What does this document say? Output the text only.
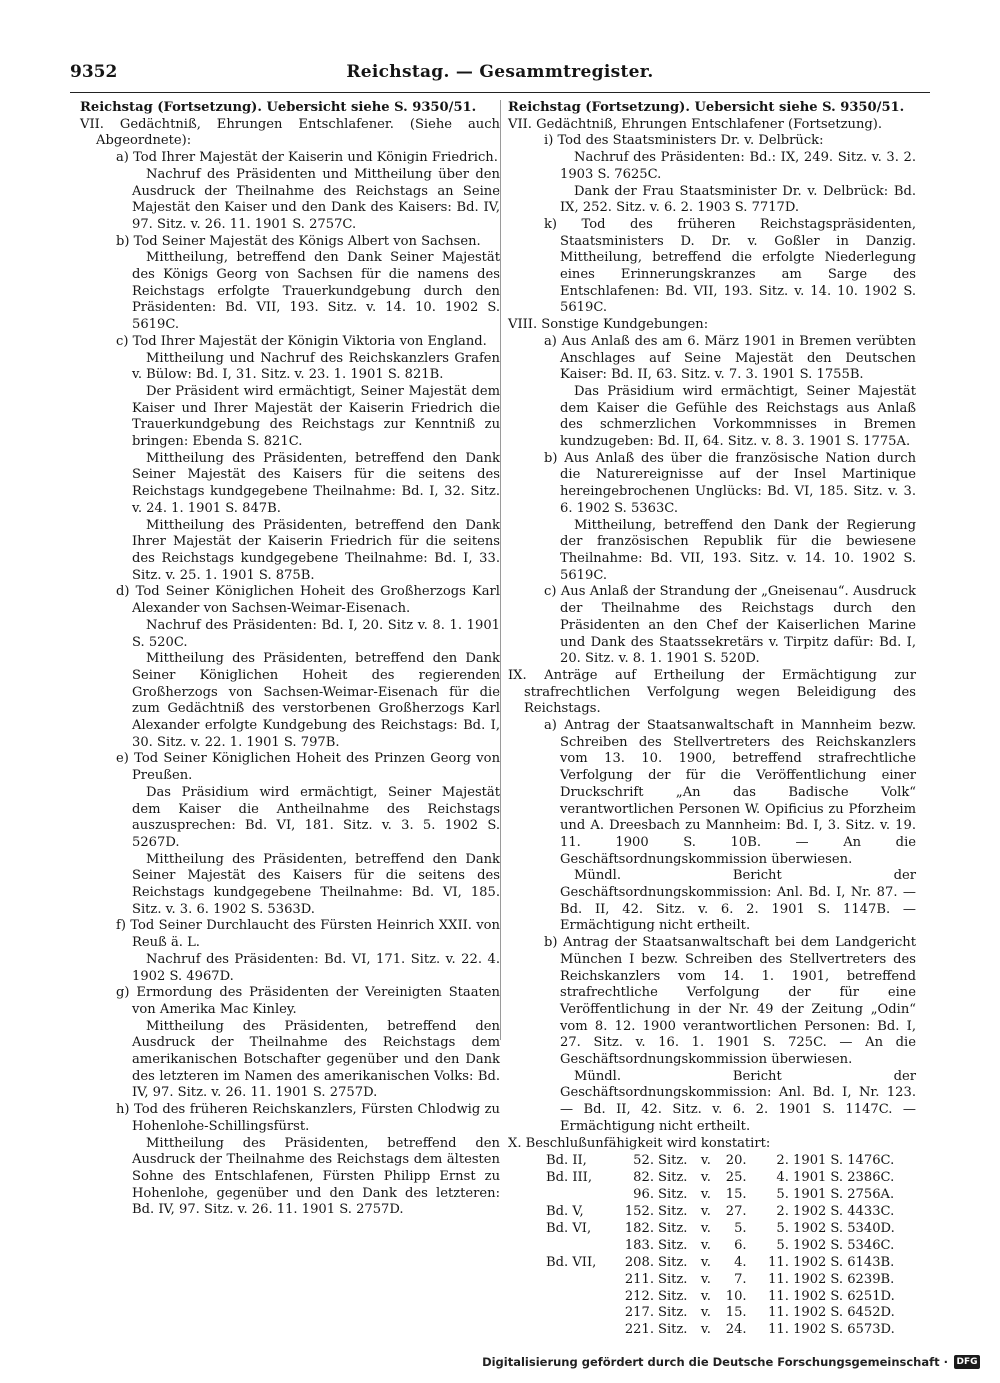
9352	Reichstag. — Gesammtregister.
Reichstag (Fortsetzung). Uebersicht siehe S. 9350/51.
VII. Gedächtniß, Ehrungen Entschlafener. (Siehe auch Abgeordnete):
a) Tod Ihrer Majestät der Kaiserin und Königin Friedrich.
Nachruf des Präsidenten und Mittheilung über den Ausdruck der Theilnahme des Reichstags an Seine Majestät den Kaiser und den Dank des Kaisers: Bd. IV, 97. Sitz. v. 26. 11. 1901 S. 2757C.
b) Tod Seiner Majestät des Königs Albert von Sachsen.
Mittheilung, betreffend den Dank Seiner Majestät des Königs Georg von Sachsen für die namens des Reichstags erfolgte Trauerkundgebung durch den Präsidenten: Bd. VII, 193. Sitz. v. 14. 10. 1902 S. 5619C.
c) Tod Ihrer Majestät der Königin Viktoria von England.
Mittheilung und Nachruf des Reichskanzlers Grafen v. Bülow: Bd. I, 31. Sitz. v. 23. 1. 1901 S. 821B.
Der Präsident wird ermächtigt, Seiner Majestät dem Kaiser und Ihrer Majestät der Kaiserin Friedrich die Trauerkundgebung des Reichstags zur Kenntniß zu bringen: Ebenda S. 821C.
Mittheilung des Präsidenten, betreffend den Dank Seiner Majestät des Kaisers für die seitens des Reichstags kundgegebene Theilnahme: Bd. I, 32. Sitz. v. 24. 1. 1901 S. 847B.
Mittheilung des Präsidenten, betreffend den Dank Ihrer Majestät der Kaiserin Friedrich für die seitens des Reichstags kundgegebene Theilnahme: Bd. I, 33. Sitz. v. 25. 1. 1901 S. 875B.
d) Tod Seiner Königlichen Hoheit des Großherzogs Karl Alexander von Sachsen-Weimar-Eisenach.
Nachruf des Präsidenten: Bd. I, 20. Sitz v. 8. 1. 1901 S. 520C.
Mittheilung des Präsidenten, betreffend den Dank Seiner Königlichen Hoheit des regierenden Großherzogs von Sachsen-Weimar-Eisenach für die zum Gedächtniß des verstorbenen Großherzogs Karl Alexander erfolgte Kundgebung des Reichstags: Bd. I, 30. Sitz. v. 22. 1. 1901 S. 797B.
e) Tod Seiner Königlichen Hoheit des Prinzen Georg von Preußen.
Das Präsidium wird ermächtigt, Seiner Majestät dem Kaiser die Antheilnahme des Reichstags auszusprechen: Bd. VI, 181. Sitz. v. 3. 5. 1902 S. 5267D.
Mittheilung des Präsidenten, betreffend den Dank Seiner Majestät des Kaisers für die seitens des Reichstags kundgegebene Theilnahme: Bd. VI, 185. Sitz. v. 3. 6. 1902 S. 5363D.
f) Tod Seiner Durchlaucht des Fürsten Heinrich XXII. von Reuß ä. L.
Nachruf des Präsidenten: Bd. VI, 171. Sitz. v. 22. 4. 1902 S. 4967D.
g) Ermordung des Präsidenten der Vereinigten Staaten von Amerika Mac Kinley.
Mittheilung des Präsidenten, betreffend den Ausdruck der Theilnahme des Reichstags dem amerikanischen Botschafter gegenüber und den Dank des letzteren im Namen des amerikanischen Volks: Bd. IV, 97. Sitz. v. 26. 11. 1901 S. 2757D.
h) Tod des früheren Reichskanzlers, Fürsten Chlodwig zu Hohenlohe-Schillingsfürst.
Mittheilung des Präsidenten, betreffend den Ausdruck der Theilnahme des Reichstags dem ältesten Sohne des Entschlafenen, Fürsten Philipp Ernst zu Hohenlohe, gegenüber und den Dank des letzteren: Bd. IV, 97. Sitz. v. 26. 11. 1901 S. 2757D.
Reichstag (Fortsetzung). Uebersicht siehe S. 9350/51.
VII. Gedächtniß, Ehrungen Entschlafener (Fortsetzung).
i) Tod des Staatsministers Dr. v. Delbrück:
Nachruf des Präsidenten: Bd.: IX, 249. Sitz. v. 3. 2. 1903 S. 7625C.
Dank der Frau Staatsminister Dr. v. Delbrück: Bd. IX, 252. Sitz. v. 6. 2. 1903 S. 7717D.
k) Tod des früheren Reichstagspräsidenten, Staatsministers D. Dr. v. Goßler in Danzig. Mittheilung, betreffend die erfolgte Niederlegung eines Erinnerungskranzes am Sarge des Entschlafenen: Bd. VII, 193. Sitz. v. 14. 10. 1902 S. 5619C.
VIII. Sonstige Kundgebungen:
a) Aus Anlaß des am 6. März 1901 in Bremen verübten Anschlages auf Seine Majestät den Deutschen Kaiser: Bd. II, 63. Sitz. v. 7. 3. 1901 S. 1755B.
Das Präsidium wird ermächtigt, Seiner Majestät dem Kaiser die Gefühle des Reichstags aus Anlaß des schmerzlichen Vorkommnisses in Bremen kundzugeben: Bd. II, 64. Sitz. v. 8. 3. 1901 S. 1775A.
b) Aus Anlaß des über die französische Nation durch die Naturereignisse auf der Insel Martinique hereingebrochenen Unglücks: Bd. VI, 185. Sitz. v. 3. 6. 1902 S. 5363C.
Mittheilung, betreffend den Dank der Regierung der französischen Republik für die bewiesene Theilnahme: Bd. VII, 193. Sitz. v. 14. 10. 1902 S. 5619C.
c) Aus Anlaß der Strandung der „Gneisenau“. Ausdruck der Theilnahme des Reichstags durch den Präsidenten an den Chef der Kaiserlichen Marine und Dank des Staatssekretärs v. Tirpitz dafür: Bd. I, 20. Sitz. v. 8. 1. 1901 S. 520D.
IX. Anträge auf Ertheilung der Ermächtigung zur strafrechtlichen Verfolgung wegen Beleidigung des Reichstags.
a) Antrag der Staatsanwaltschaft in Mannheim bezw. Schreiben des Stellvertreters des Reichskanzlers vom 13. 10. 1900, betreffend strafrechtliche Verfolgung der für die Veröffentlichung einer Druckschrift „An das Badische Volk“ verantwortlichen Personen W. Opificius zu Pforzheim und A. Dreesbach zu Mannheim: Bd. I, 3. Sitz. v. 19. 11. 1900 S. 10B. — An die Geschäftsordnungskommission überwiesen.
Mündl. Bericht der Geschäftsordnungskommission: Anl. Bd. I, Nr. 87. — Bd. II, 42. Sitz. v. 6. 2. 1901 S. 1147B. — Ermächtigung nicht ertheilt.
b) Antrag der Staatsanwaltschaft bei dem Landgericht München I bezw. Schreiben des Stellvertreters des Reichskanzlers vom 14. 1. 1901, betreffend strafrechtliche Verfolgung der für eine Veröffentlichung in der Nr. 49 der Zeitung „Odin“ vom 8. 12. 1900 verantwortlichen Personen: Bd. I, 27. Sitz. v. 16. 1. 1901 S. 725C. — An die Geschäftsordnungskommission überwiesen.
Mündl. Bericht der Geschäftsordnungskommission: Anl. Bd. I, Nr. 123. — Bd. II, 42. Sitz. v. 6. 2. 1901 S. 1147C. — Ermächtigung nicht ertheilt.
X. Beschlußunfähigkeit wird konstatirt:
Bd. II,	52.	Sitz.	v.	20.	2. 1901	S. 1476C.
Bd. III,	82.	Sitz.	v.	25.	4. 1901	S. 2386C.
	96.	Sitz.	v.	15.	5. 1901	S. 2756A.
Bd. V,	152.	Sitz.	v.	27.	2. 1902	S. 4433C.
Bd. VI,	182.	Sitz.	v.	5.	5. 1902	S. 5340D.
	183.	Sitz.	v.	6.	5. 1902	S. 5346C.
Bd. VII,	208.	Sitz.	v.	4.	11. 1902	S. 6143B.
	211.	Sitz.	v.	7.	11. 1902	S. 6239B.
	212.	Sitz.	v.	10.	11. 1902	S. 6251D.
	217.	Sitz.	v.	15.	11. 1902	S. 6452D.
	221.	Sitz.	v.	24.	11. 1902	S. 6573D.
Digitalisierung gefördert durch die Deutsche Forschungsgemeinschaft · DFG
